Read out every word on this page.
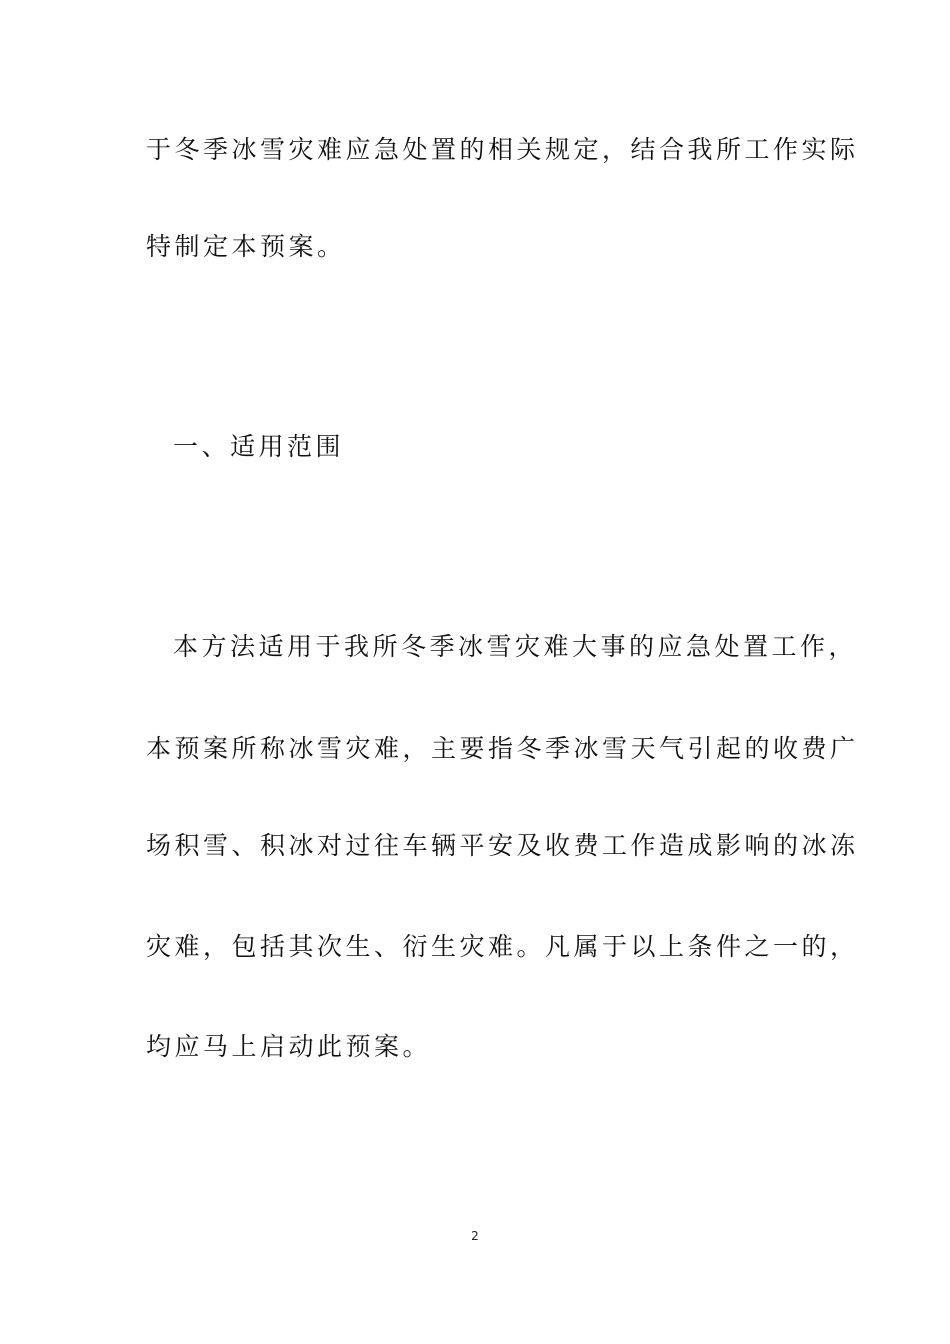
于冬季冰雪灾难应急处置的相关规定，结合我所工作实际
特制定本预案。
一、适用范围
本方法适用于我所冬季冰雪灾难大事的应急处置工作，
本预案所称冰雪灾难，主要指冬季冰雪天气引起的收费广
场积雪、积冰对过往车辆平安及收费工作造成影响的冰冻
灾难，包括其次生、衍生灾难。凡属于以上条件之一的，
均应马上启动此预案。
2
